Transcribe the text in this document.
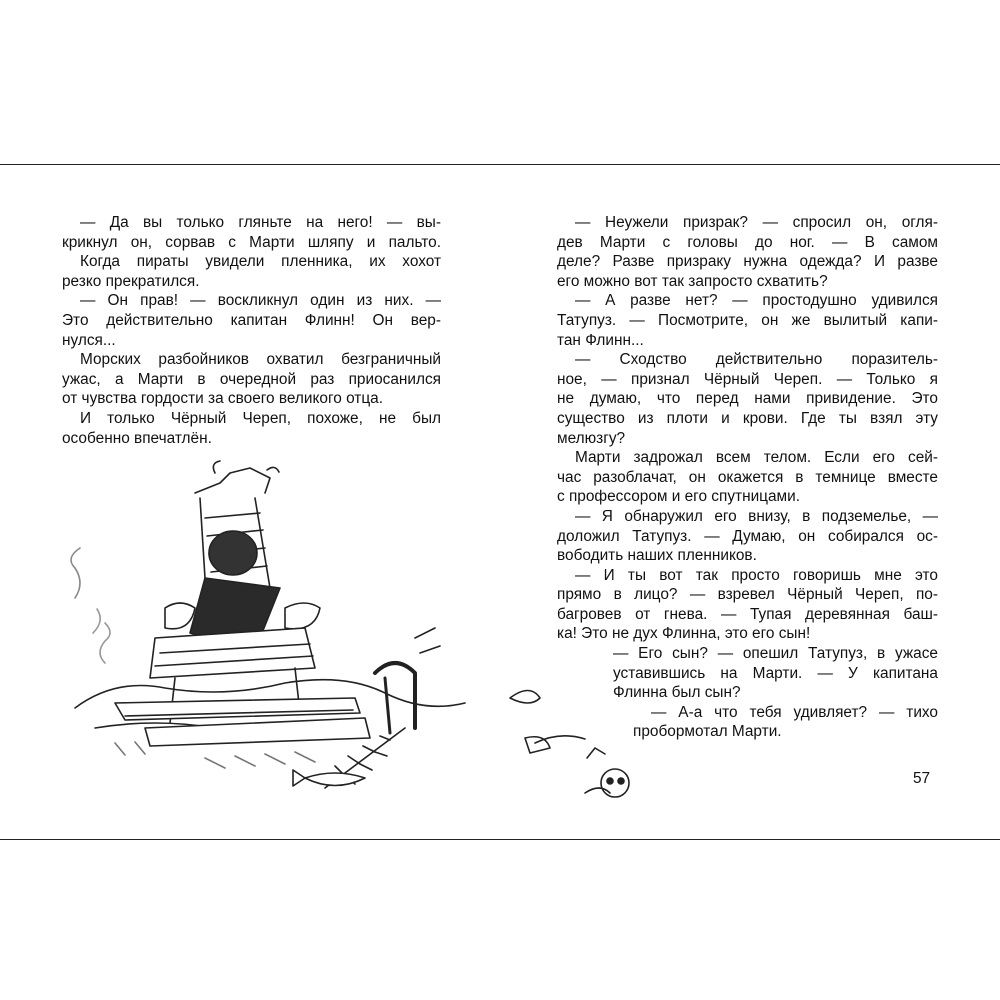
— Да вы только гляньте на него! — вы-
крикнул он, сорвав с Марти шляпу и пальто.
Когда пираты увидели пленника, их хохот
резко прекратился.
— Он прав! — воскликнул один из них. —
Это действительно капитан Флинн! Он вер-
нулся...
Морских разбойников охватил безграничный
ужас, а Марти в очередной раз приосанился
от чувства гордости за своего великого отца.
И только Чёрный Череп, похоже, не был
особенно впечатлён.
— Неужели призрак? — спросил он, огля-
дев Марти с головы до ног. — В самом
деле? Разве призраку нужна одежда? И разве
его можно вот так запросто схватить?
— А разве нет? — простодушно удивился
Татупуз. — Посмотрите, он же вылитый капи-
тан Флинн...
— Сходство действительно поразитель-
ное, — признал Чёрный Череп. — Только я
не думаю, что перед нами привидение. Это
существо из плоти и крови. Где ты взял эту
мелюзгу?
Марти задрожал всем телом. Если его сей-
час разоблачат, он окажется в темнице вместе
с профессором и его спутницами.
— Я обнаружил его внизу, в подземелье, —
доложил Татупуз. — Думаю, он собирался ос-
вободить наших пленников.
— И ты вот так просто говоришь мне это
прямо в лицо? — взревел Чёрный Череп, по-
багровев от гнева. — Тупая деревянная баш-
ка! Это не дух Флинна, это его сын!
— Его сын? — опешил Татупуз, в ужасе
уставившись на Марти. — У капитана
Флинна был сын?
— А-а что тебя удивляет? — тихо
пробормотал Марти.
57
